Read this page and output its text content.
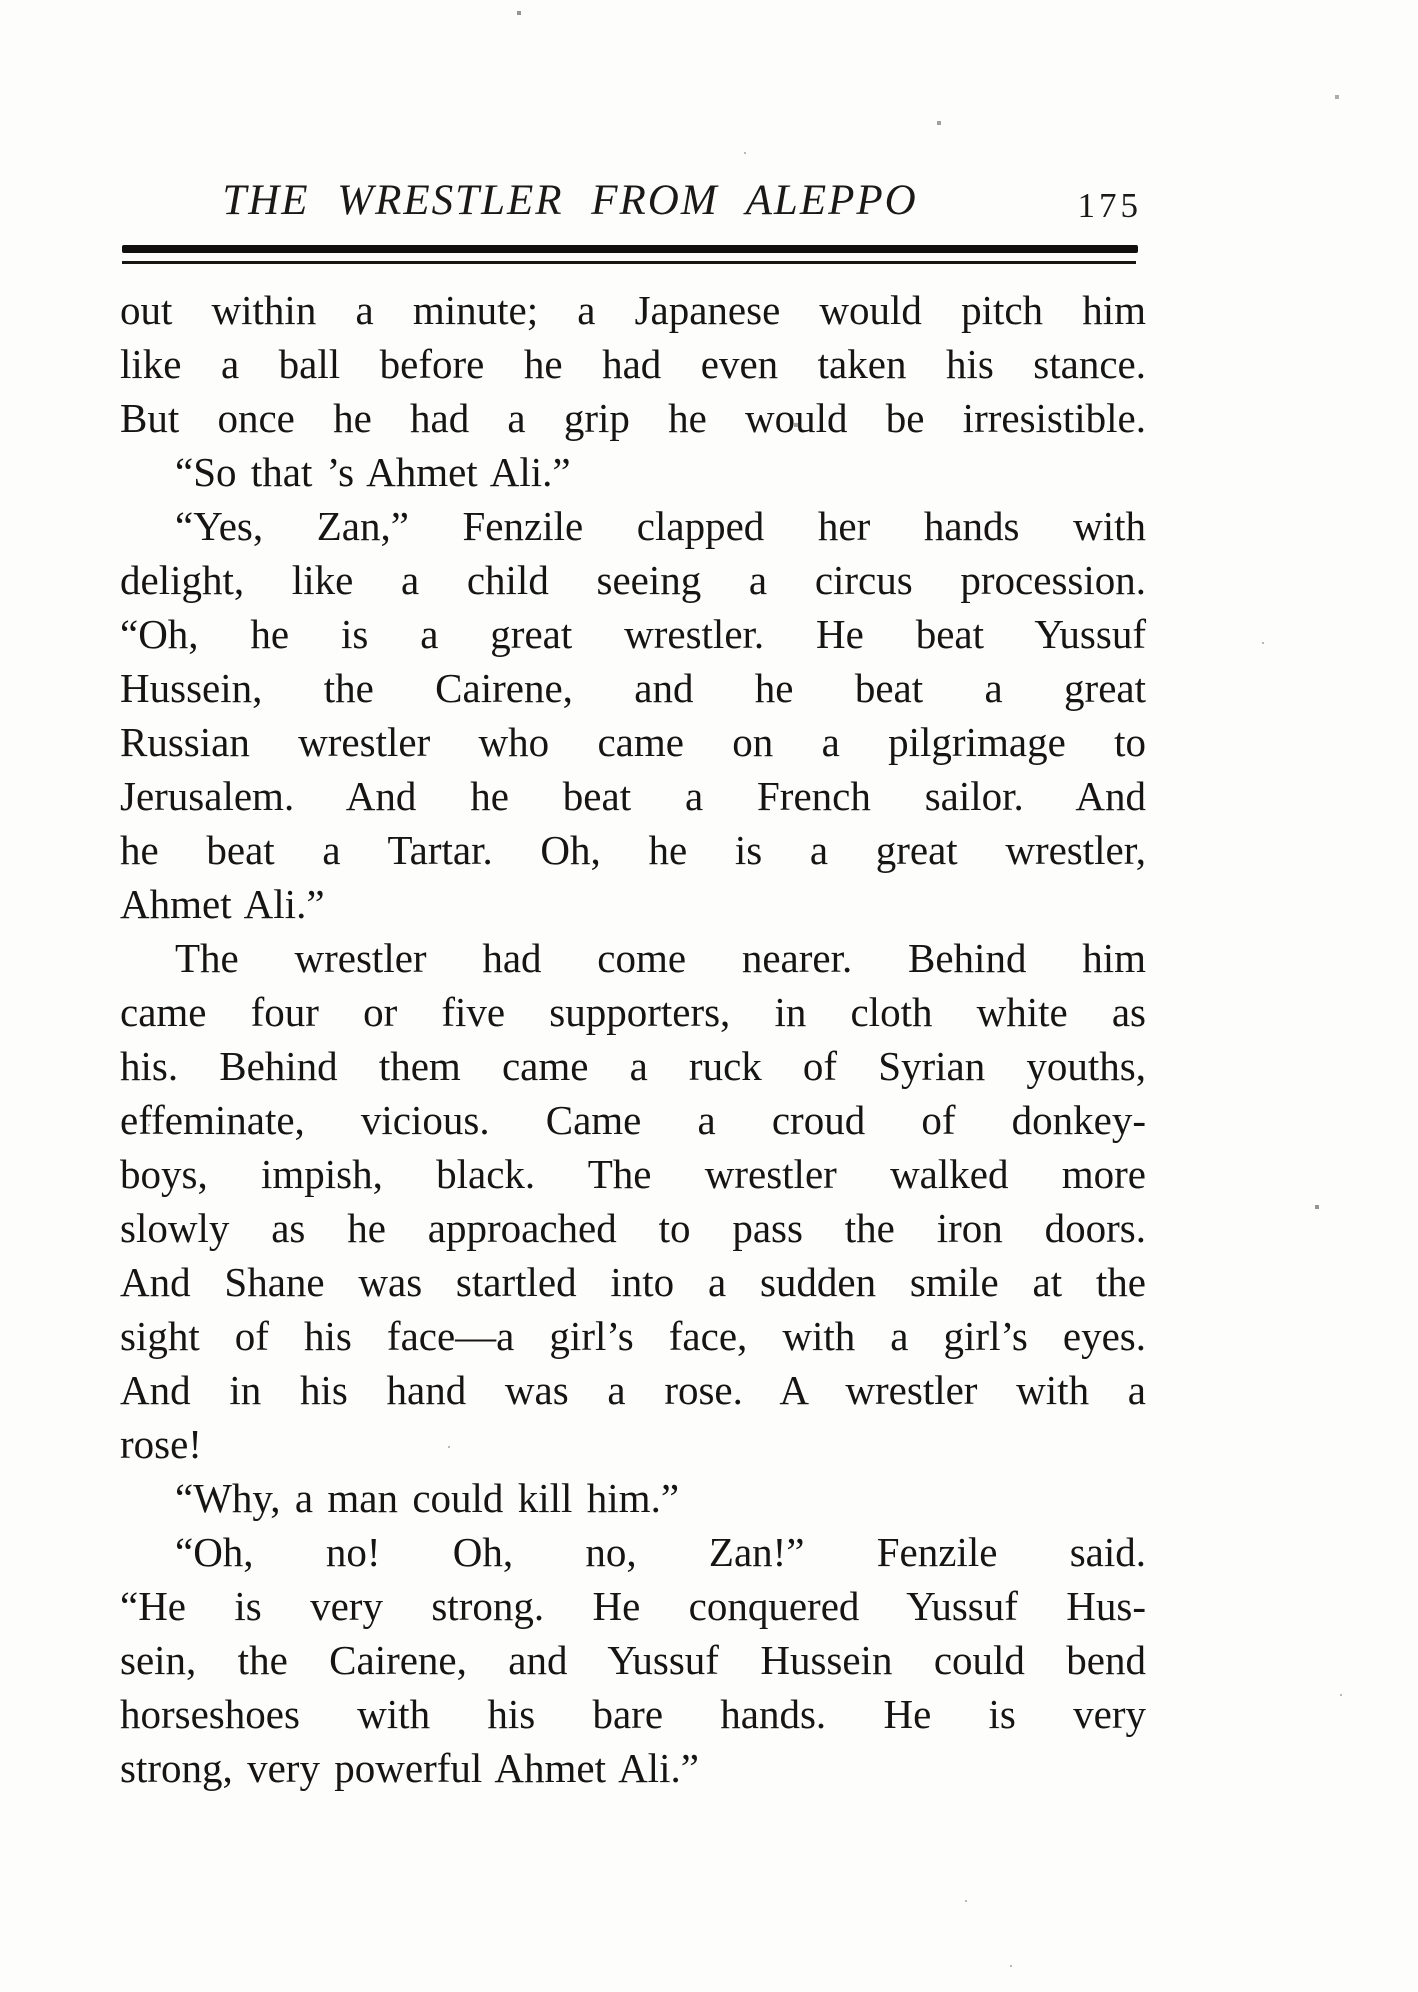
THE WRESTLER FROM ALEPPO	175
out within a minute; a Japanese would pitch him
like a ball before he had even taken his stance.
But once he had a grip he would be irresistible.
“So that ’s Ahmet Ali.”
“Yes, Zan,” Fenzile clapped her hands with
delight, like a child seeing a circus procession.
“Oh, he is a great wrestler. He beat Yussuf
Hussein, the Cairene, and he beat a great
Russian wrestler who came on a pilgrimage to
Jerusalem. And he beat a French sailor. And
he beat a Tartar. Oh, he is a great wrestler,
Ahmet Ali.”
The wrestler had come nearer. Behind him
came four or five supporters, in cloth white as
his. Behind them came a ruck of Syrian youths,
effeminate, vicious. Came a croud of donkey-
boys, impish, black. The wrestler walked more
slowly as he approached to pass the iron doors.
And Shane was startled into a sudden smile at the
sight of his face—a girl’s face, with a girl’s eyes.
And in his hand was a rose. A wrestler with a
rose!
“Why, a man could kill him.”
“Oh, no! Oh, no, Zan!” Fenzile said.
“He is very strong. He conquered Yussuf Hus-
sein, the Cairene, and Yussuf Hussein could bend
horseshoes with his bare hands. He is very
strong, very powerful Ahmet Ali.”
